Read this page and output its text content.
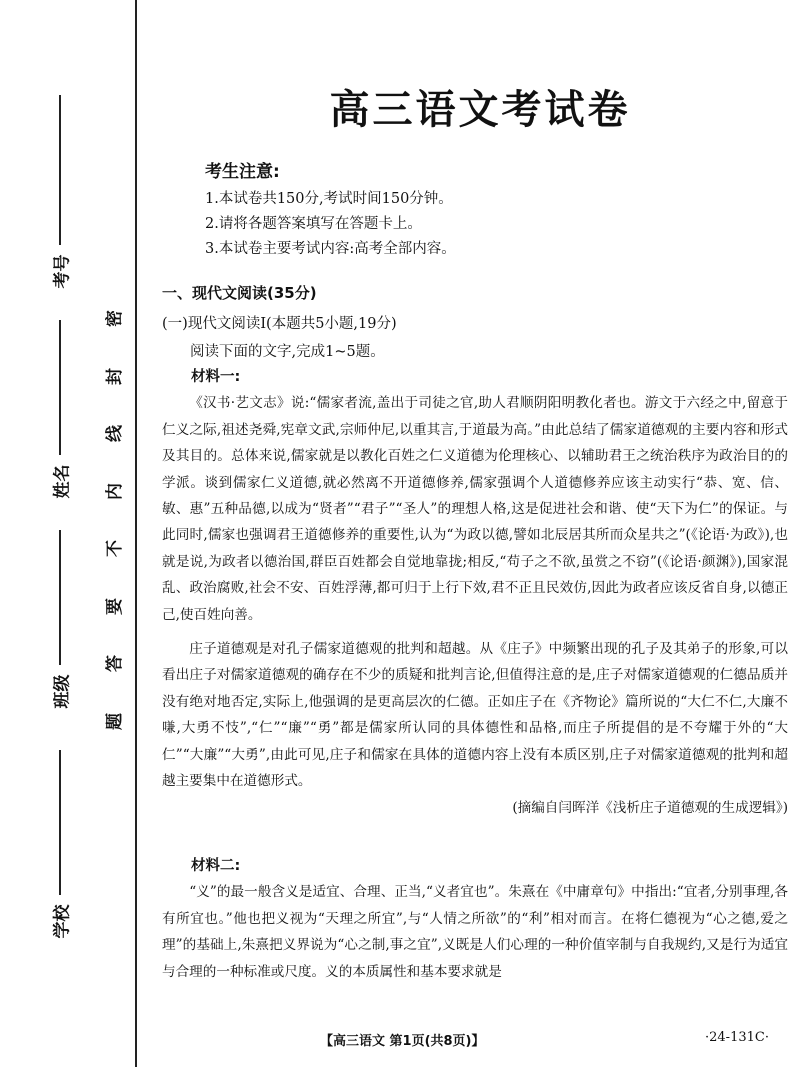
密
封
线
内
不
要
答
题
考号
姓名
班级
学校
高三语文考试卷
考生注意:
1.本试卷共150分,考试时间150分钟。
2.请将各题答案填写在答题卡上。
3.本试卷主要考试内容:高考全部内容。
一、现代文阅读(35分)
(一)现代文阅读Ⅰ(本题共5小题,19分)
阅读下面的文字,完成1~5题。

材料一:

《汉书·艺文志》说:“儒家者流,盖出于司徒之官,助人君顺阴阳明教化者也。游文于六经之中,留意于仁义之际,祖述尧舜,宪章文武,宗师仲尼,以重其言,于道最为高。”由此总结了儒家道德观的主要内容和形式及其目的。总体来说,儒家就是以教化百姓之仁义道德为伦理核心、以辅助君王之统治秩序为政治目的的学派。谈到儒家仁义道德,就必然离不开道德修养,儒家强调个人道德修养应该主动实行“恭、宽、信、敏、惠”五种品德,以成为“贤者”“君子”“圣人”的理想人格,这是促进社会和谐、使“天下为仁”的保证。与此同时,儒家也强调君王道德修养的重要性,认为“为政以德,譬如北辰居其所而众星共之”(《论语·为政》),也就是说,为政者以德治国,群臣百姓都会自觉地靠拢;相反,“苟子之不欲,虽赏之不窃”(《论语·颜渊》),国家混乱、政治腐败,社会不安、百姓浮薄,都可归于上行下效,君不正且民效仿,因此为政者应该反省自身,以德正己,使百姓向善。

庄子道德观是对孔子儒家道德观的批判和超越。从《庄子》中频繁出现的孔子及其弟子的形象,可以看出庄子对儒家道德观的确存在不少的质疑和批判言论,但值得注意的是,庄子对儒家道德观的仁德品质并没有绝对地否定,实际上,他强调的是更高层次的仁德。正如庄子在《齐物论》篇所说的“大仁不仁,大廉不嗛,大勇不忮”,“仁”“廉”“勇”都是儒家所认同的具体德性和品格,而庄子所提倡的是不夸耀于外的“大仁”“大廉”“大勇”,由此可见,庄子和儒家在具体的道德内容上没有本质区别,庄子对儒家道德观的批判和超越主要集中在道德形式。

(摘编自闫晖洋《浅析庄子道德观的生成逻辑》)

材料二:

“义”的最一般含义是适宜、合理、正当,“义者宜也”。朱熹在《中庸章句》中指出:“宜者,分别事理,各有所宜也。”他也把义视为“天理之所宜”,与“人情之所欲”的“利”相对而言。在将仁德视为“心之德,爱之理”的基础上,朱熹把义界说为“心之制,事之宜”,义既是人们心理的一种价值宰制与自我规约,又是行为适宜与合理的一种标准或尺度。义的本质属性和基本要求就是

【高三语文 第1页(共8页)】	·24-131C·
